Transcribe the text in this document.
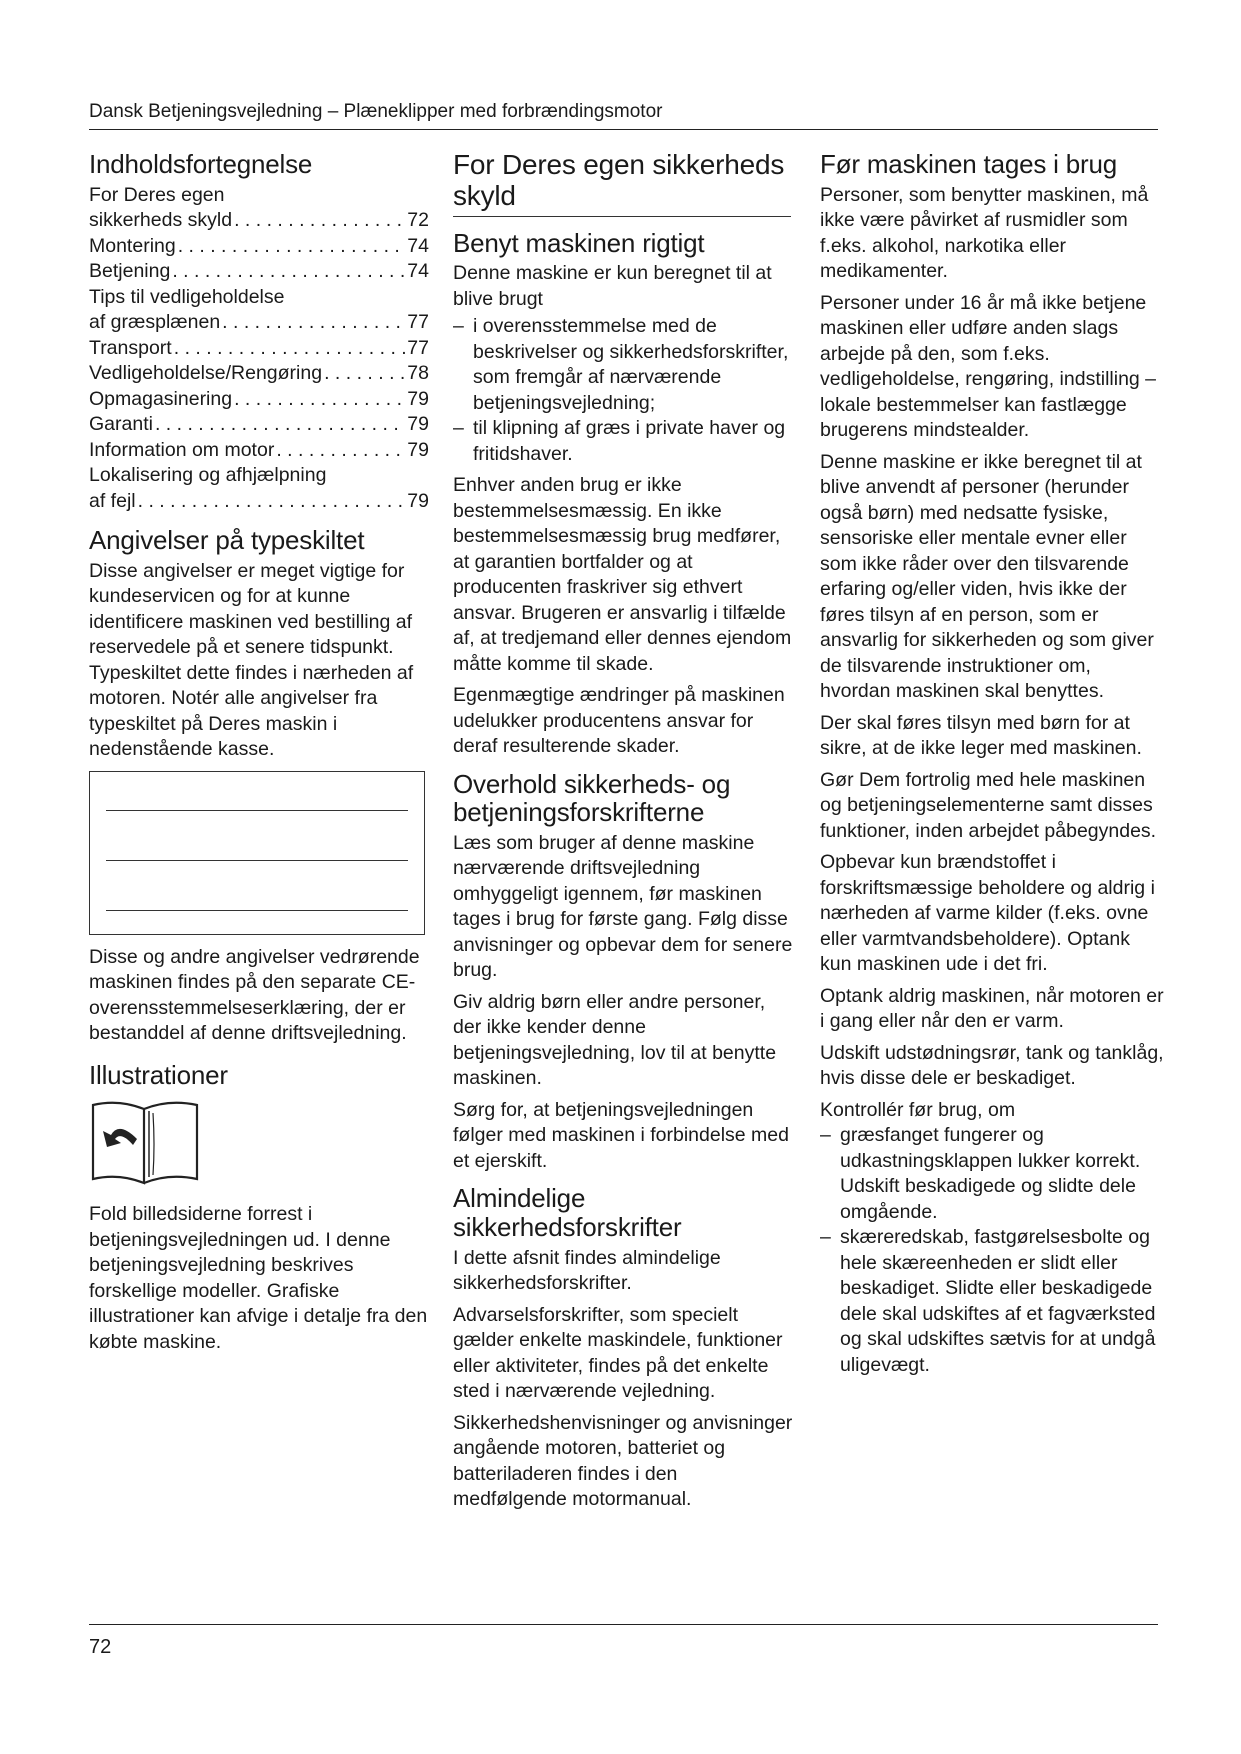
Dansk Betjeningsvejledning – Plæneklipper med forbrændingsmotor
Indholdsfortegnelse
For Deres egen
sikkerheds skyld . . .	72
Montering . . .	74
Betjening . . .	74
Tips til vedligeholdelse
af græsplænen . . .	77
Transport . . .	77
Vedligeholdelse/Rengøring . . .	78
Opmagasinering . . .	79
Garanti . . .	79
Information om motor . . .	79
Lokalisering og afhjælpning
af fejl . . .	79
Angivelser på typeskiltet

Disse angivelser er meget vigtige for kundeservicen og for at kunne identificere maskinen ved bestilling af reservedele på et senere tidspunkt. Typeskiltet dette findes i nærheden af motoren. Notér alle angivelser fra typeskiltet på Deres maskin i nedenstående kasse.

Disse og andre angivelser vedrørende maskinen findes på den separate CE-overensstemmelseserklæring, der er bestanddel af denne driftsvejledning.

Illustrationer

Fold billedsiderne forrest i betjeningsvejledningen ud. I denne betjeningsvejledning beskrives forskellige modeller. Grafiske illustrationer kan afvige i detalje fra den købte maskine.

For Deres egen sikkerheds skyld
Benyt maskinen rigtigt

Denne maskine er kun beregnet til at blive brugt

– i overensstemmelse med de beskrivelser og sikkerhedsforskrifter, som fremgår af nærværende betjeningsvejledning;
– til klipning af græs i private haver og fritidshaver.

Enhver anden brug er ikke bestemmelsesmæssig. En ikke bestemmelsesmæssig brug medfører, at garantien bortfalder og at producenten fraskriver sig ethvert ansvar. Brugeren er ansvarlig i tilfælde af, at tredjemand eller dennes ejendom måtte komme til skade.

Egenmægtige ændringer på maskinen udelukker producentens ansvar for deraf resulterende skader.

Overhold sikkerheds- og betjeningsforskrifterne

Læs som bruger af denne maskine nærværende driftsvejledning omhyggeligt igennem, før maskinen tages i brug for første gang. Følg disse anvisninger og opbevar dem for senere brug.

Giv aldrig børn eller andre personer, der ikke kender denne betjeningsvejledning, lov til at benytte maskinen.

Sørg for, at betjeningsvejledningen følger med maskinen i forbindelse med et ejerskift.

Almindelige sikkerhedsforskrifter

I dette afsnit findes almindelige sikkerhedsforskrifter.

Advarselsforskrifter, som specielt gælder enkelte maskindele, funktioner eller aktiviteter, findes på det enkelte sted i nærværende vejledning.

Sikkerhedshenvisninger og anvisninger angående motoren, batteriet og batteriladeren findes i den medfølgende motormanual.

Før maskinen tages i brug

Personer, som benytter maskinen, må ikke være påvirket af rusmidler som f.eks. alkohol, narkotika eller medikamenter.

Personer under 16 år må ikke betjene maskinen eller udføre anden slags arbejde på den, som f.eks. vedligeholdelse, rengøring, indstilling – lokale bestemmelser kan fastlægge brugerens mindstealder.

Denne maskine er ikke beregnet til at blive anvendt af personer (herunder også børn) med nedsatte fysiske, sensoriske eller mentale evner eller som ikke råder over den tilsvarende erfaring og/eller viden, hvis ikke der føres tilsyn af en person, som er ansvarlig for sikkerheden og som giver de tilsvarende instruktioner om, hvordan maskinen skal benyttes.

Der skal føres tilsyn med børn for at sikre, at de ikke leger med maskinen.

Gør Dem fortrolig med hele maskinen og betjeningselementerne samt disses funktioner, inden arbejdet påbegyndes.

Opbevar kun brændstoffet i forskriftsmæssige beholdere og aldrig i nærheden af varme kilder (f.eks. ovne eller varmtvandsbeholdere). Optank kun maskinen ude i det fri.

Optank aldrig maskinen, når motoren er i gang eller når den er varm.

Udskift udstødningsrør, tank og tanklåg, hvis disse dele er beskadiget.

Kontrollér før brug, om

– græsfanget fungerer og udkastningsklappen lukker korrekt. Udskift beskadigede og slidte dele omgående.
– skæreredskab, fastgørelsesbolte og hele skæreenheden er slidt eller beskadiget. Slidte eller beskadigede dele skal udskiftes af et fagværksted og skal udskiftes sætvis for at undgå uligevægt.
72
